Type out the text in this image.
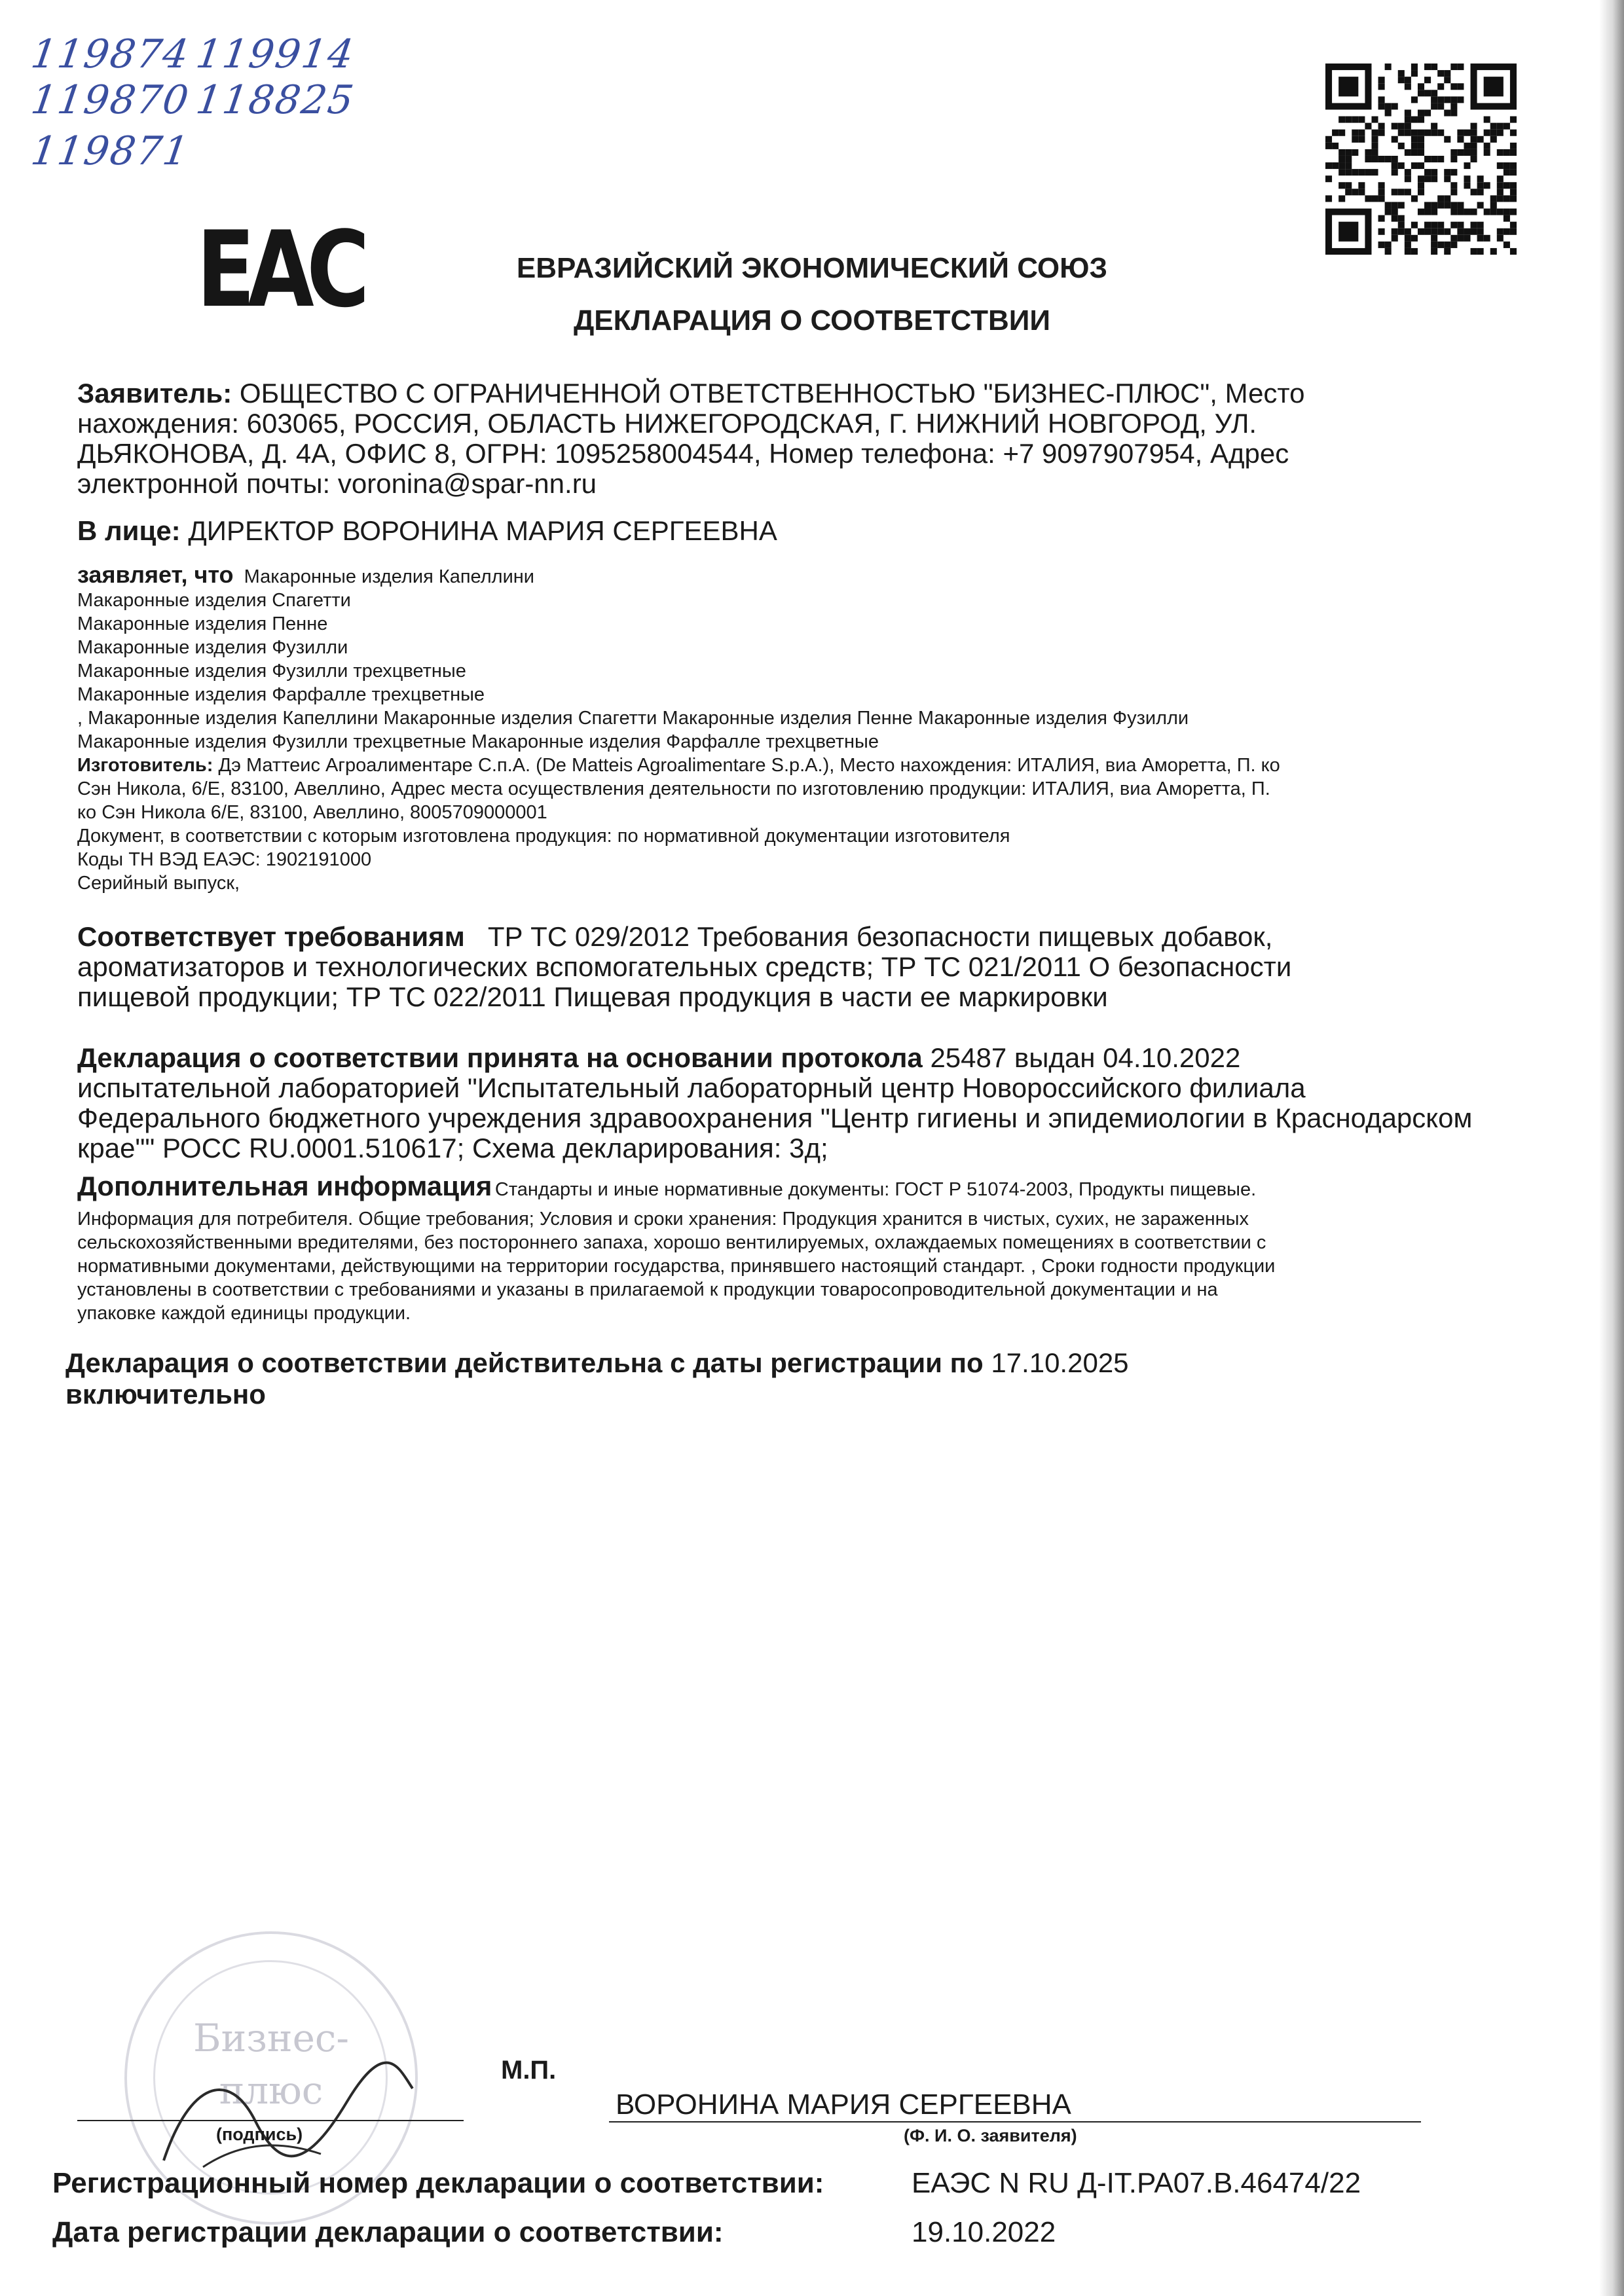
119874
119870
119871
119914
118825
EAC	ЕВРАЗИЙСКИЙ ЭКОНОМИЧЕСКИЙ СОЮЗ
ДЕКЛАРАЦИЯ О СООТВЕТСТВИИ
Заявитель: ОБЩЕСТВО С ОГРАНИЧЕННОЙ ОТВЕТСТВЕННОСТЬЮ "БИЗНЕС-ПЛЮС", Место
нахождения: 603065, РОССИЯ, ОБЛАСТЬ НИЖЕГОРОДСКАЯ, Г. НИЖНИЙ НОВГОРОД, УЛ.
ДЬЯКОНОВА, Д. 4А, ОФИС 8, ОГРН: 1095258004544, Номер телефона: +7 9097907954, Адрес
электронной почты: voronina@spar-nn.ru
В лице: ДИРЕКТОР ВОРОНИНА МАРИЯ СЕРГЕЕВНА
заявляет, что Макаронные изделия Капеллини
Макаронные изделия Спагетти
Макаронные изделия Пенне
Макаронные изделия Фузилли
Макаронные изделия Фузилли трехцветные
Макаронные изделия Фарфалле трехцветные
, Макаронные изделия Капеллини Макаронные изделия Спагетти Макаронные изделия Пенне Макаронные изделия Фузилли
Макаронные изделия Фузилли трехцветные Макаронные изделия Фарфалле трехцветные
Изготовитель: Дэ Маттеис Агроалиментаре С.п.А. (De Matteis Agroalimentare S.p.A.), Место нахождения: ИТАЛИЯ, виа Аморетта, П. ко
Сэн Никола, 6/E, 83100, Авеллино, Адрес места осуществления деятельности по изготовлению продукции: ИТАЛИЯ, виа Аморетта, П.
ко Сэн Никола 6/E, 83100, Авеллино, 8005709000001
Документ, в соответствии с которым изготовлена продукция: по нормативной документации изготовителя
Коды ТН ВЭД ЕАЭС: 1902191000
Серийный выпуск,
Соответствует требованиям ТР ТС 029/2012 Требования безопасности пищевых добавок,
ароматизаторов и технологических вспомогательных средств; ТР ТС 021/2011 О безопасности
пищевой продукции; ТР ТС 022/2011 Пищевая продукция в части ее маркировки
Декларация о соответствии принята на основании протокола 25487 выдан 04.10.2022
испытательной лабораторией "Испытательный лабораторный центр Новороссийского филиала
Федерального бюджетного учреждения здравоохранения "Центр гигиены и эпидемиологии в Краснодарском
крае"" РОСС RU.0001.510617; Схема декларирования: 3д;
Дополнительная информация Стандарты и иные нормативные документы: ГОСТ Р 51074-2003, Продукты пищевые.
Информация для потребителя. Общие требования; Условия и сроки хранения: Продукция хранится в чистых, сухих, не зараженных
сельскохозяйственными вредителями, без постороннего запаха, хорошо вентилируемых, охлаждаемых помещениях в соответствии с
нормативными документами, действующими на территории государства, принявшего настоящий стандарт. , Сроки годности продукции
установлены в соответствии с требованиями и указаны в прилагаемой к продукции товаросопроводительной документации и на
упаковке каждой единицы продукции.
Декларация о соответствии действительна с даты регистрации по 17.10.2025
включительно
Бизнес-
плюс	М.П.
(подпись)
ВОРОНИНА МАРИЯ СЕРГЕЕВНА
(Ф. И. О. заявителя)
Регистрационный номер декларации о соответствии:	ЕАЭС N RU Д-IT.РА07.В.46474/22
Дата регистрации декларации о соответствии:	19.10.2022
